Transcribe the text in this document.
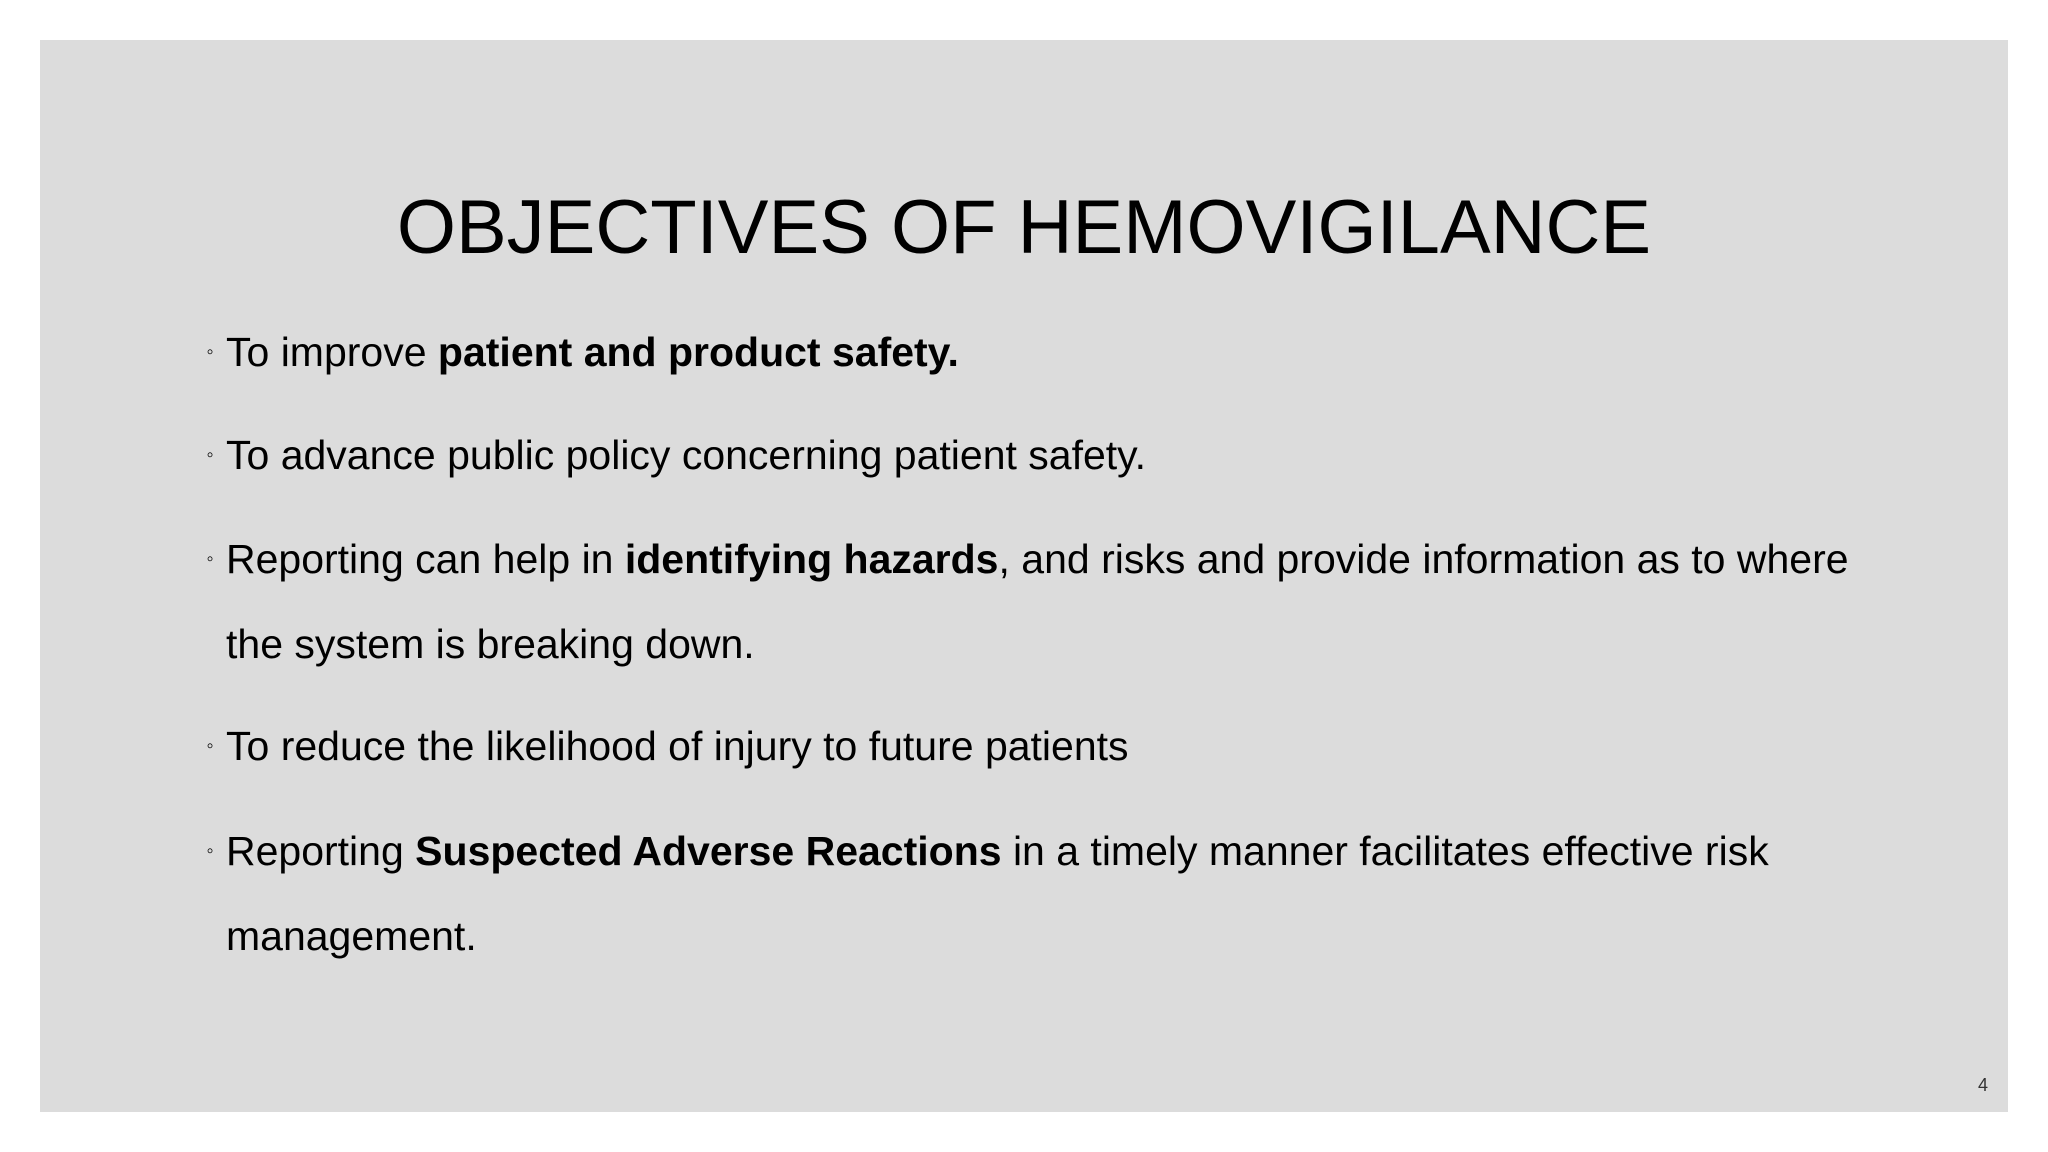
OBJECTIVES OF HEMOVIGILANCE
◦ To improve patient and product safety.
◦ To advance public policy concerning patient safety.
◦ Reporting can help in identifying hazards, and risks and provide information as to where the system is breaking down.
◦ To reduce the likelihood of injury to future patients
◦ Reporting Suspected Adverse Reactions in a timely manner facilitates effective risk management.
4
